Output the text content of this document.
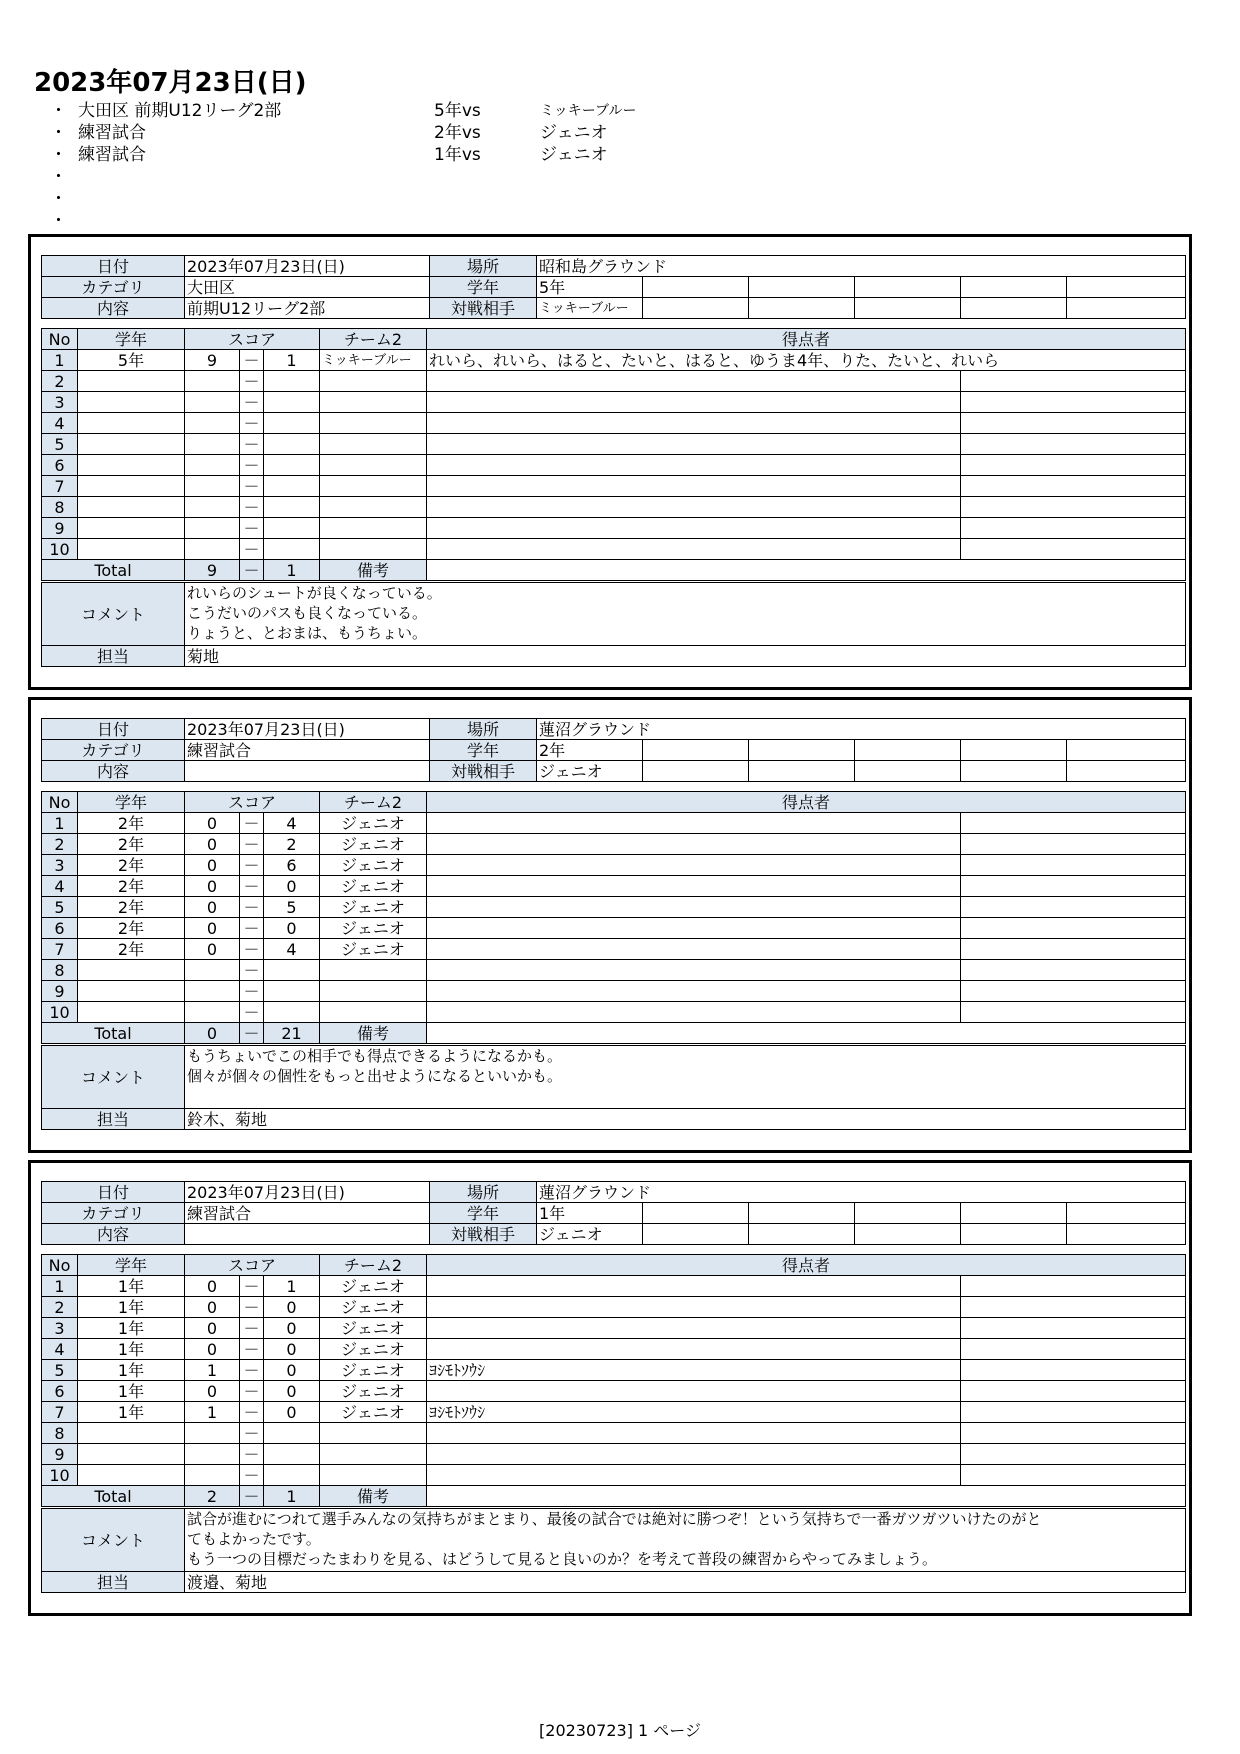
2023年07月23日(日)
・ 大田区 前期U12リーグ2部	5年vs	ミッキーブルー
・ 練習試合	2年vs	ジェニオ
・ 練習試合	1年vs	ジェニオ
・
・
・
日付	2023年07月23日(日)	場所	昭和島グラウンド					
カテゴリ	大田区	学年	5年					
内容	前期U12リーグ2部	対戦相手	ミッキーブルー					
No	学年	スコア			チーム2	得点者	
1	5年	9	－	1	ミッキーブルー	れいら、れいら、はると、たいと、はると、ゆうま4年、りた、たいと、れいら	
2			－				
3			－				
4			－				
5			－				
6			－				
7			－				
8			－				
9			－				
10			－				
Total		9	－	1	備考		
コメント	れいらのシュートが良くなっている。
こうだいのパスも良くなっている。
りょうと、とおまは、もうちょい。

担当	菊地
日付	2023年07月23日(日)	場所	蓮沼グラウンド					
カテゴリ	練習試合	学年	2年					
内容		対戦相手	ジェニオ					
No	学年	スコア			チーム2	得点者	
1	2年	0	－	4	ジェニオ		
2	2年	0	－	2	ジェニオ		
3	2年	0	－	6	ジェニオ		
4	2年	0	－	0	ジェニオ		
5	2年	0	－	5	ジェニオ		
6	2年	0	－	0	ジェニオ		
7	2年	0	－	4	ジェニオ		
8			－				
9			－				
10			－				
Total		0	－	21	備考		
コメント	もうちょいでこの相手でも得点できるようになるかも。
個々が個々の個性をもっと出せようになるといいかも。

担当	鈴木、菊地
日付	2023年07月23日(日)	場所	蓮沼グラウンド					
カテゴリ	練習試合	学年	1年					
内容		対戦相手	ジェニオ					
No	学年	スコア			チーム2	得点者	
1	1年	0	－	1	ジェニオ		
2	1年	0	－	0	ジェニオ		
3	1年	0	－	0	ジェニオ		
4	1年	0	－	0	ジェニオ		
5	1年	1	－	0	ジェニオ	ﾖｼﾓﾄｿｳｼ	
6	1年	0	－	0	ジェニオ		
7	1年	1	－	0	ジェニオ	ﾖｼﾓﾄｿｳｼ	
8			－				
9			－				
10			－				
Total		2	－	1	備考		
コメント	試合が進むにつれて選手みんなの気持ちがまとまり、最後の試合では絶対に勝つぞ！という気持ちで一番ガツガツいけたのがと
てもよかったです。
もう一つの目標だったまわりを見る、はどうして見ると良いのか？を考えて普段の練習からやってみましょう。

担当	渡邉、菊地
[20230723] 1 ページ
